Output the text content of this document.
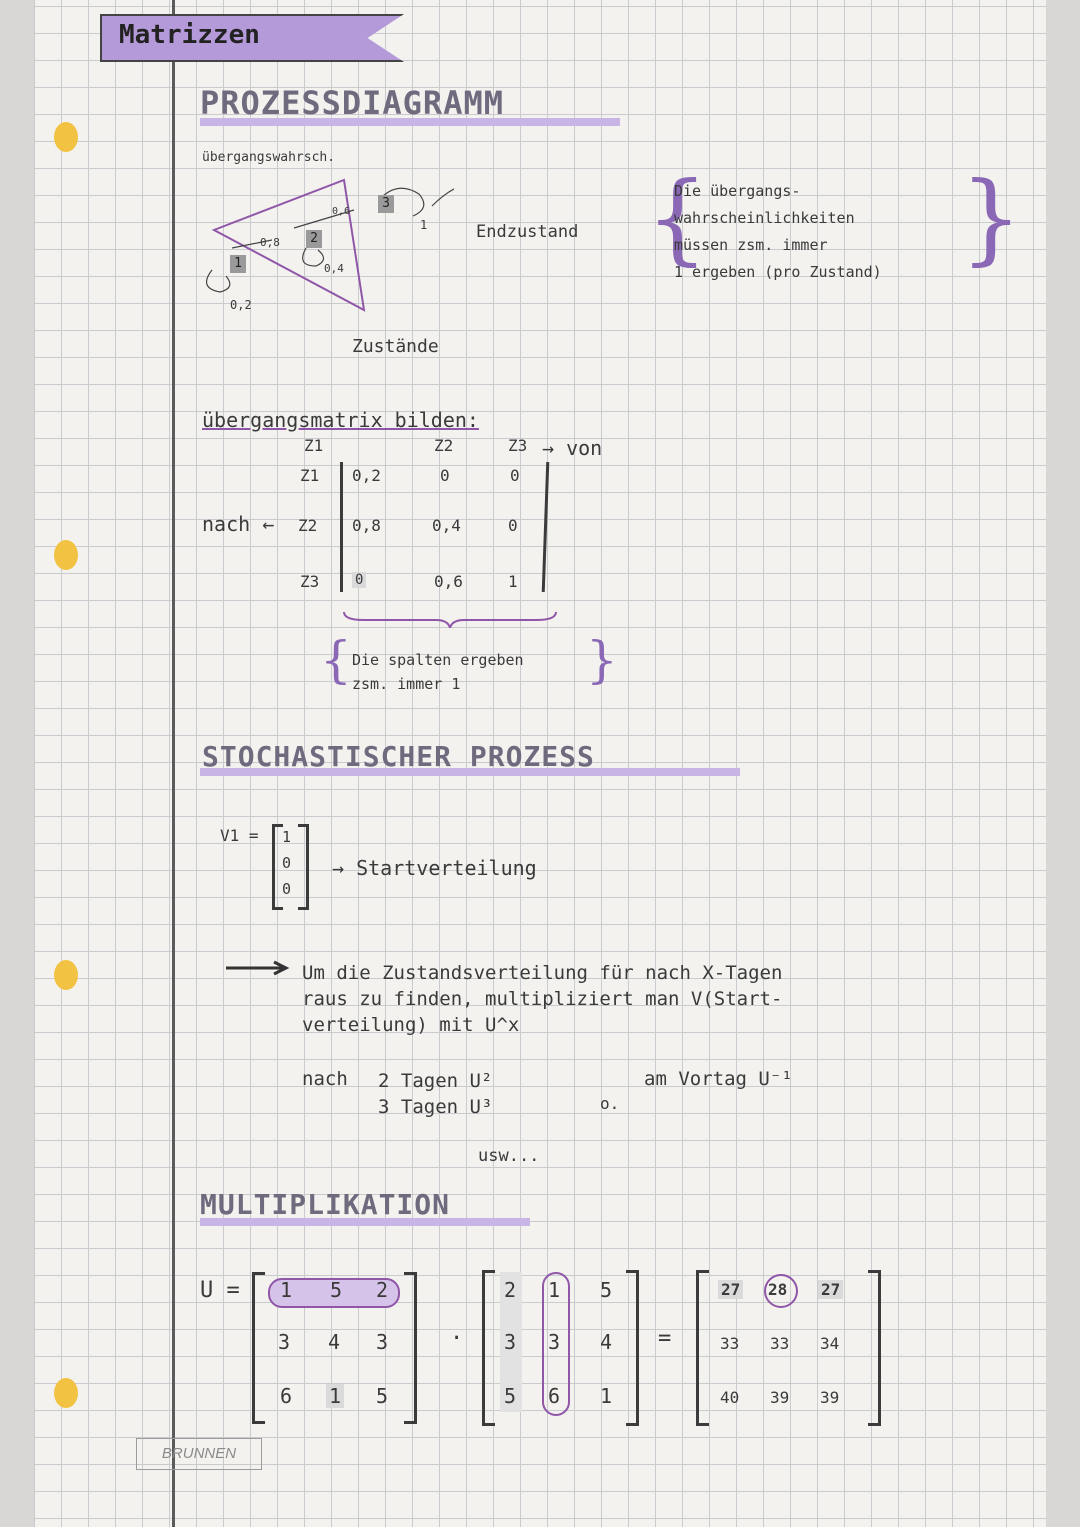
Matrizzen
PROZESSDIAGRAMM
übergangswahrsch.
1
2
3
0,2
0,8
0,4
0,6
1	Endzustand
Zustände
{
Die übergangs-
wahrscheinlichkeiten
müssen zsm. immer
1 ergeben (pro Zustand) }
übergangsmatrix bilden:
Z1	Z2	Z3 → von
nach ←
Z1
Z2
Z3
0,2	0	0
0,8	0,4	0
0	0,6	1
{ Die spalten ergeben
zsm. immer 1	}
STOCHASTISCHER PROZESS
V1 = 1
0
0
→ Startverteilung
Um die Zustandsverteilung für nach X-Tagen
raus zu finden, multipliziert man V(Start-
verteilung) mit U^x
nach 2 Tagen U²
3 Tagen U³	o.
am Vortag U⁻¹
usw...
MULTIPLIKATION
U = 1 5 2
3 4 3
6 1 5
·
2 1 5
3 3 4
5 6 1
=
27 28 27
33 33 34
40 39 39
BRUNNEN
